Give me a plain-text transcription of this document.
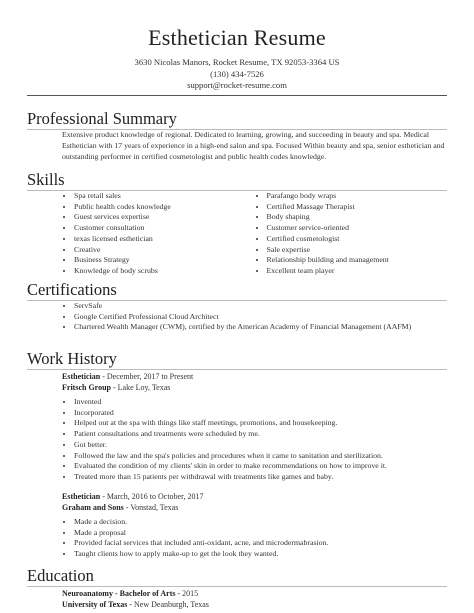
Esthetician Resume
3630 Nicolas Manors, Rocket Resume, TX 92053-3364 US
(130) 434-7526
support@rocket-resume.com
Professional Summary
Extensive product knowledge of regional. Dedicated to learning, growing, and succeeding in beauty and spa. Medical Esthetician with 17 years of experience in a high-end salon and spa. Focused Within beauty and spa, senior esthetician and outstanding performer in certified cosmetologist and public health codes knowledge.
Skills
• Spa retail sales
• Public health codes knowledge
• Guest services expertise
• Customer consultation
• texas licensed esthetician
• Creative
• Business Strategy
• Knowledge of body scrubs
• Parafango body wraps
• Certified Massage Therapist
• Body shaping
• Customer service-oriented
• Certified cosmetologist
• Sale expertise
• Relationship building and management
• Excellent team player
Certifications
• ServSafe
• Google Certified Professional Cloud Architect
• Chartered Wealth Manager (CWM), certified by the American Academy of Financial Management (AAFM)
Work History
Esthetician - December, 2017 to Present
Fritsch Group - Lake Loy, Texas
• Invented
• Incorporated
• Helped out at the spa with things like staff meetings, promotions, and housekeeping.
• Patient consultations and treatments were scheduled by me.
• Got better.
• Followed the law and the spa's policies and procedures when it came to sanitation and sterilization.
• Evaluated the condition of my clients' skin in order to make recommendations on how to improve it.
• Treated more than 15 patients per withdrawal with treatments like games and baby.
Esthetician - March, 2016 to October, 2017
Graham and Sons - Vonstad, Texas
• Made a decision.
• Made a proposal
• Provided facial services that included anti-oxidant, acne, and microdermabrasion.
• Taught clients how to apply make-up to get the look they wanted.
Education
Neuroanatomy - Bachelor of Arts - 2015
University of Texas - New Deanburgh, Texas
